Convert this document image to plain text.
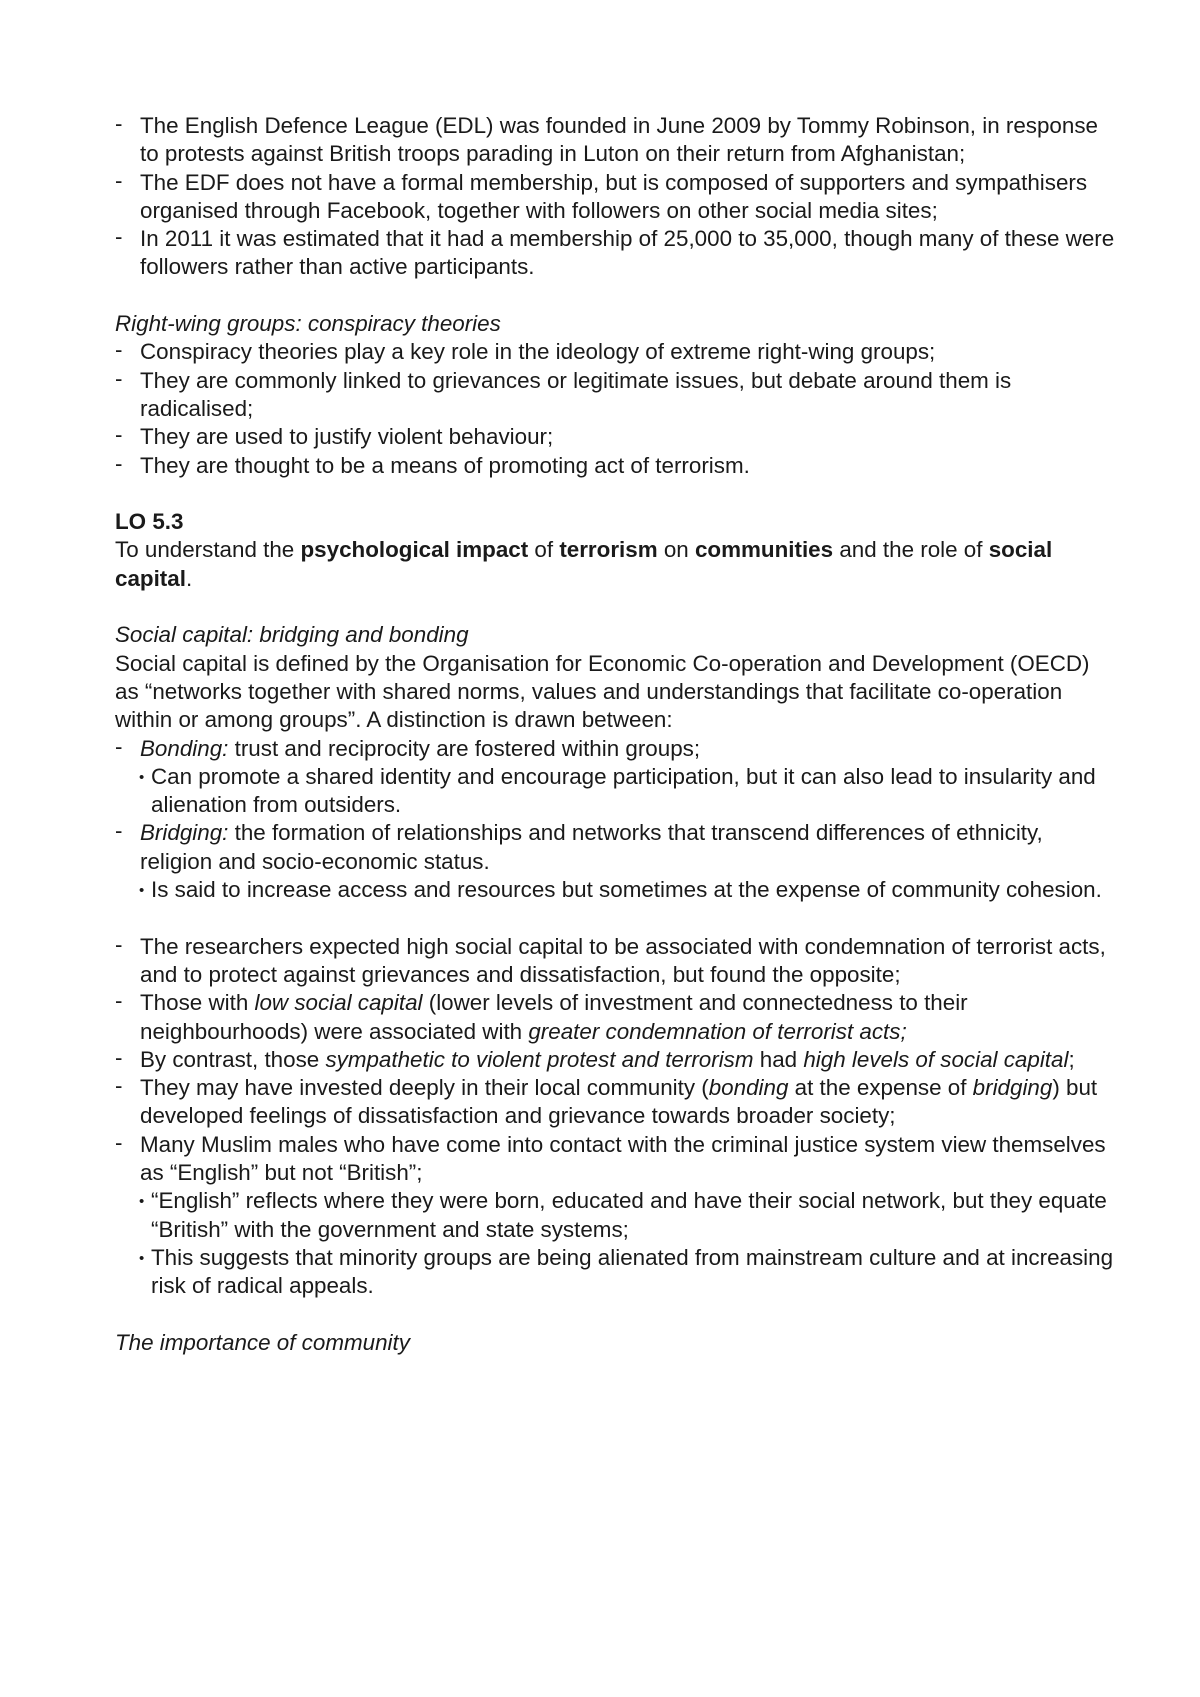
- The English Defence League (EDL) was founded in June 2009 by Tommy Robinson, in response to protests against British troops parading in Luton on their return from Afghanistan;
- The EDF does not have a formal membership, but is composed of supporters and sympathisers organised through Facebook, together with followers on other social media sites;
- In 2011 it was estimated that it had a membership of 25,000 to 35,000, though many of these were followers rather than active participants.

Right-wing groups: conspiracy theories

- Conspiracy theories play a key role in the ideology of extreme right-wing groups;
- They are commonly linked to grievances or legitimate issues, but debate around them is radicalised;
- They are used to justify violent behaviour;
- They are thought to be a means of promoting act of terrorism.

LO 5.3

To understand the psychological impact of terrorism on communities and the role of social capital.

Social capital: bridging and bonding

Social capital is defined by the Organisation for Economic Co-operation and Development (OECD) as “networks together with shared norms, values and understandings that facilitate co-operation within or among groups”. A distinction is drawn between:

- Bonding: trust and reciprocity are fostered within groups;
• Can promote a shared identity and encourage participation, but it can also lead to insularity and alienation from outsiders.
- Bridging: the formation of relationships and networks that transcend differences of ethnicity, religion and socio-economic status.
• Is said to increase access and resources but sometimes at the expense of community cohesion.
- The researchers expected high social capital to be associated with condemnation of terrorist acts, and to protect against grievances and dissatisfaction, but found the opposite;
- Those with low social capital (lower levels of investment and connectedness to their neighbourhoods) were associated with greater condemnation of terrorist acts;
- By contrast, those sympathetic to violent protest and terrorism had high levels of social capital;
- They may have invested deeply in their local community (bonding at the expense of bridging) but developed feelings of dissatisfaction and grievance towards broader society;
- Many Muslim males who have come into contact with the criminal justice system view themselves as “English” but not “British”;
• “English” reflects where they were born, educated and have their social network, but they equate “British” with the government and state systems;
• This suggests that minority groups are being alienated from mainstream culture and at increasing risk of radical appeals.

The importance of community
